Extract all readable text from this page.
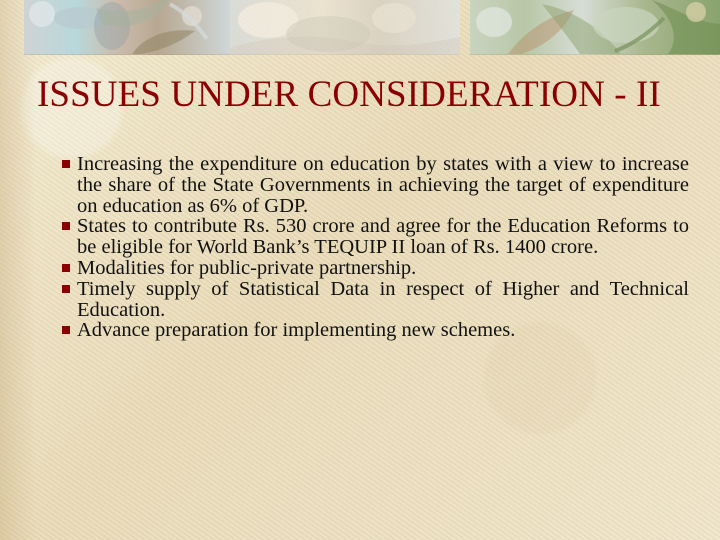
ISSUES UNDER CONSIDERATION - II
Increasing the expenditure on education by states with a view to increase the share of the State Governments in achieving the target of expenditure on education as 6% of GDP.
States to contribute Rs. 530 crore and agree for the Education Reforms to be eligible for World Bank’s TEQUIP II loan of Rs. 1400 crore.
Modalities for public-private partnership.
Timely supply of Statistical Data in respect of Higher and Technical Education.
Advance preparation for implementing new schemes.
